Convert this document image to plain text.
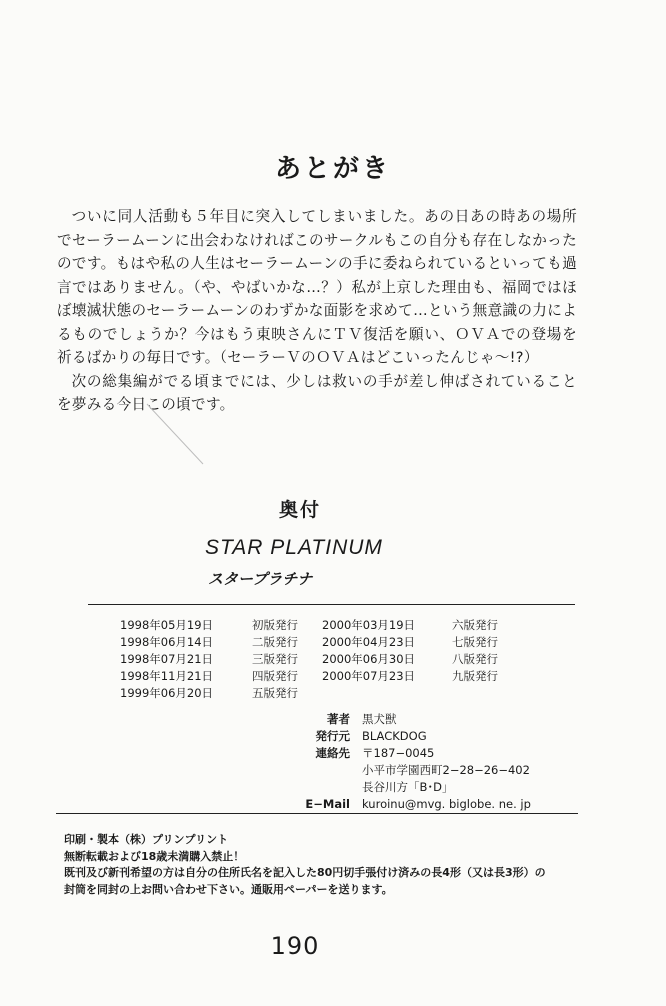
あとがき

ついに同人活動も５年目に突入してしまいました。あの日あの時あの場所でセーラームーンに出会わなければこのサークルもこの自分も存在しなかったのです。もはや私の人生はセーラームーンの手に委ねられているといっても過言ではありません。（や、やばいかな…？）私が上京した理由も、福岡ではほぼ壊滅状態のセーラームーンのわずかな面影を求めて…という無意識の力によるものでしょうか？今はもう東映さんにＴＶ復活を願い、ＯＶＡでの登場を祈るばかりの毎日です。（セーラーＶのＯＶＡはどこいったんじゃ〜!?）

次の総集編がでる頃までには、少しは救いの手が差し伸ばされていることを夢みる今日この頃です。

奥付
STAR PLATINUM
スタープラチナ
1998年05月19日	初版発行	2000年03月19日	六版発行
1998年06月14日	二版発行	2000年04月23日	七版発行
1998年07月21日	三版発行	2000年06月30日	八版発行
1998年11月21日	四版発行	2000年07月23日	九版発行
1999年06月20日	五版発行		
著者	黒犬獣
発行元	BLACKDOG
連絡先	〒187−0045
	小平市学園西町2−28−26−402
	長谷川方「B･D」
E−Mail	kuroinu@mvg. biglobe. ne. jp
印刷・製本（株）プリンプリント
無断転載および18歳未満購入禁止！
既刊及び新刊希望の方は自分の住所氏名を記入した80円切手張付け済みの長4形（又は長3形）の
封筒を同封の上お問い合わせ下さい。通販用ペーパーを送ります。
190
